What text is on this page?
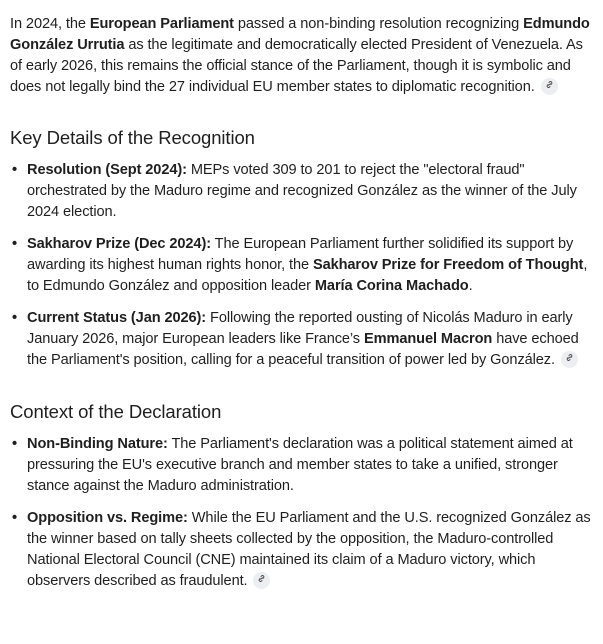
In 2024, the European Parliament passed a non-binding resolution recognizing Edmundo González Urrutia as the legitimate and democratically elected President of Venezuela. As of early 2026, this remains the official stance of the Parliament, though it is symbolic and does not legally bind the 27 individual EU member states to diplomatic recognition.

Key Details of the Recognition
• Resolution (Sept 2024): MEPs voted 309 to 201 to reject the "electoral fraud" orchestrated by the Maduro regime and recognized González as the winner of the July 2024 election.
• Sakharov Prize (Dec 2024): The European Parliament further solidified its support by awarding its highest human rights honor, the Sakharov Prize for Freedom of Thought, to Edmundo González and opposition leader María Corina Machado.
• Current Status (Jan 2026): Following the reported ousting of Nicolás Maduro in early January 2026, major European leaders like France’s Emmanuel Macron have echoed the Parliament's position, calling for a peaceful transition of power led by González.
Context of the Declaration
• Non-Binding Nature: The Parliament's declaration was a political statement aimed at pressuring the EU's executive branch and member states to take a unified, stronger stance against the Maduro administration.
• Opposition vs. Regime: While the EU Parliament and the U.S. recognized González as the winner based on tally sheets collected by the opposition, the Maduro-controlled National Electoral Council (CNE) maintained its claim of a Maduro victory, which observers described as fraudulent.
